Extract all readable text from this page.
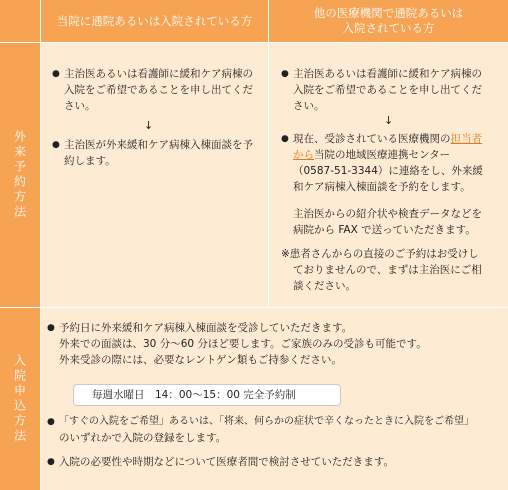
当院に通院あるいは入院されている方
他の医療機関で通院あるいは
入院されている方
外来予約方法
入院申込方法
● 主治医あるいは看護師に緩和ケア病棟の
入院をご希望であることを申し出てくだ
さい。
↓
● 主治医が外来緩和ケア病棟入棟面談を予
約します。
● 主治医あるいは看護師に緩和ケア病棟の
入院をご希望であることを申し出てくだ
さい。
↓
● 現在、受診されている医療機関の担当者
から当院の地域医療連携センター
（0587-51-3344）に連絡をし、外来緩
和ケア病棟入棟面談を予約をします。
主治医からの紹介状や検査データなどを
病院から FAX で送っていただきます。
※患者さんからの直接のご予約はお受けし
ておりませんので、まずは主治医にご相
談ください。
● 予約日に外来緩和ケア病棟入棟面談を受診していただきます。
外来での面談は、30 分〜60 分ほど要します。ご家族のみの受診も可能です。
外来受診の際には、必要なレントゲン類もご持参ください。
毎週水曜日　14：00〜15：00 完全予約制
● 「すぐの入院をご希望」あるいは、「将来、何らかの症状で辛くなったときに入院をご希望」
のいずれかで入院の登録をします。
● 入院の必要性や時期などについて医療者間で検討させていただきます。
